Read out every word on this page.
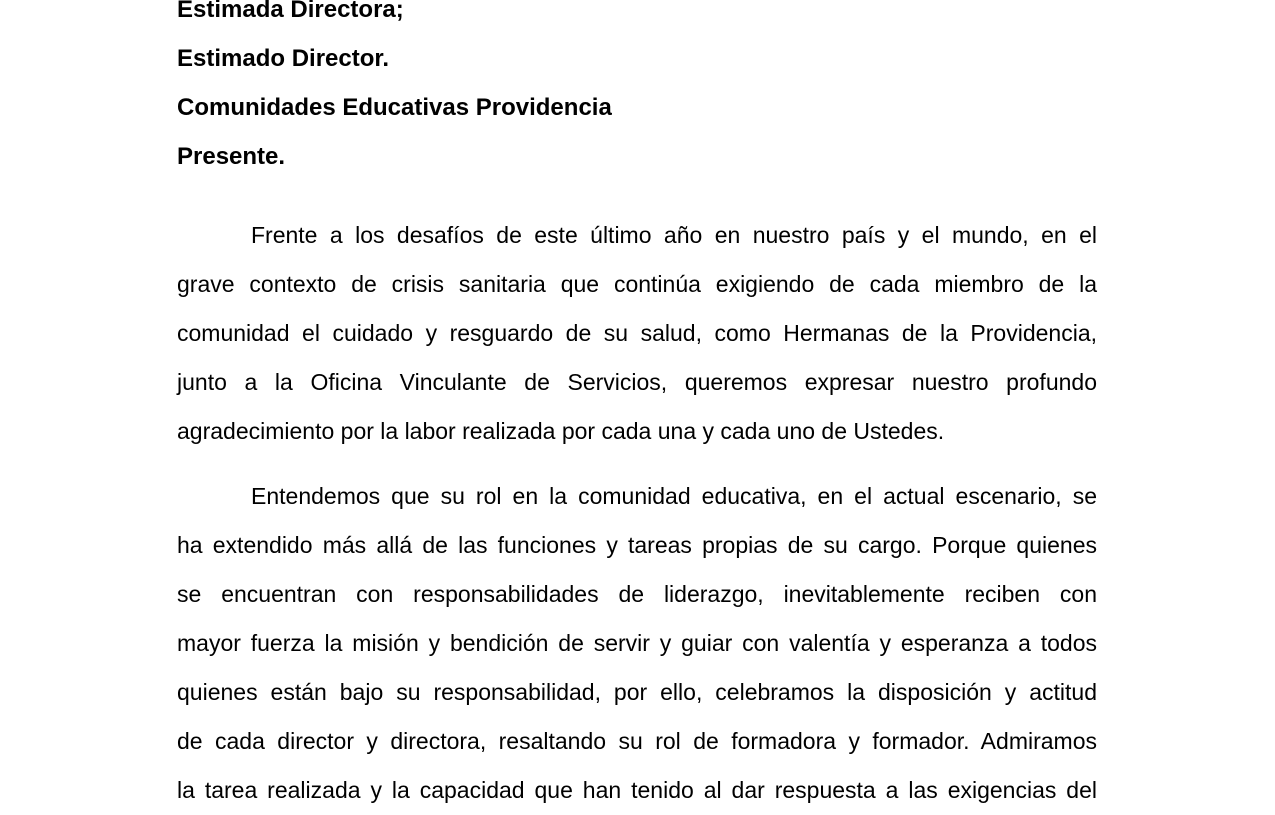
Estimada Directora;
Estimado Director.
Comunidades Educativas Providencia
Presente.
Frente a los desafíos de este último año en nuestro país y el mundo, en el
grave contexto de crisis sanitaria que continúa exigiendo de cada miembro de la
comunidad el cuidado y resguardo de su salud, como Hermanas de la Providencia,
junto a la Oficina Vinculante de Servicios, queremos expresar nuestro profundo
agradecimiento por la labor realizada por cada una y cada uno de Ustedes.
Entendemos que su rol en la comunidad educativa, en el actual escenario, se
ha extendido más allá de las funciones y tareas propias de su cargo. Porque quienes
se encuentran con responsabilidades de liderazgo, inevitablemente reciben con
mayor fuerza la misión y bendición de servir y guiar con valentía y esperanza a todos
quienes están bajo su responsabilidad, por ello, celebramos la disposición y actitud
de cada director y directora, resaltando su rol de formadora y formador. Admiramos
la tarea realizada y la capacidad que han tenido al dar respuesta a las exigencias del
